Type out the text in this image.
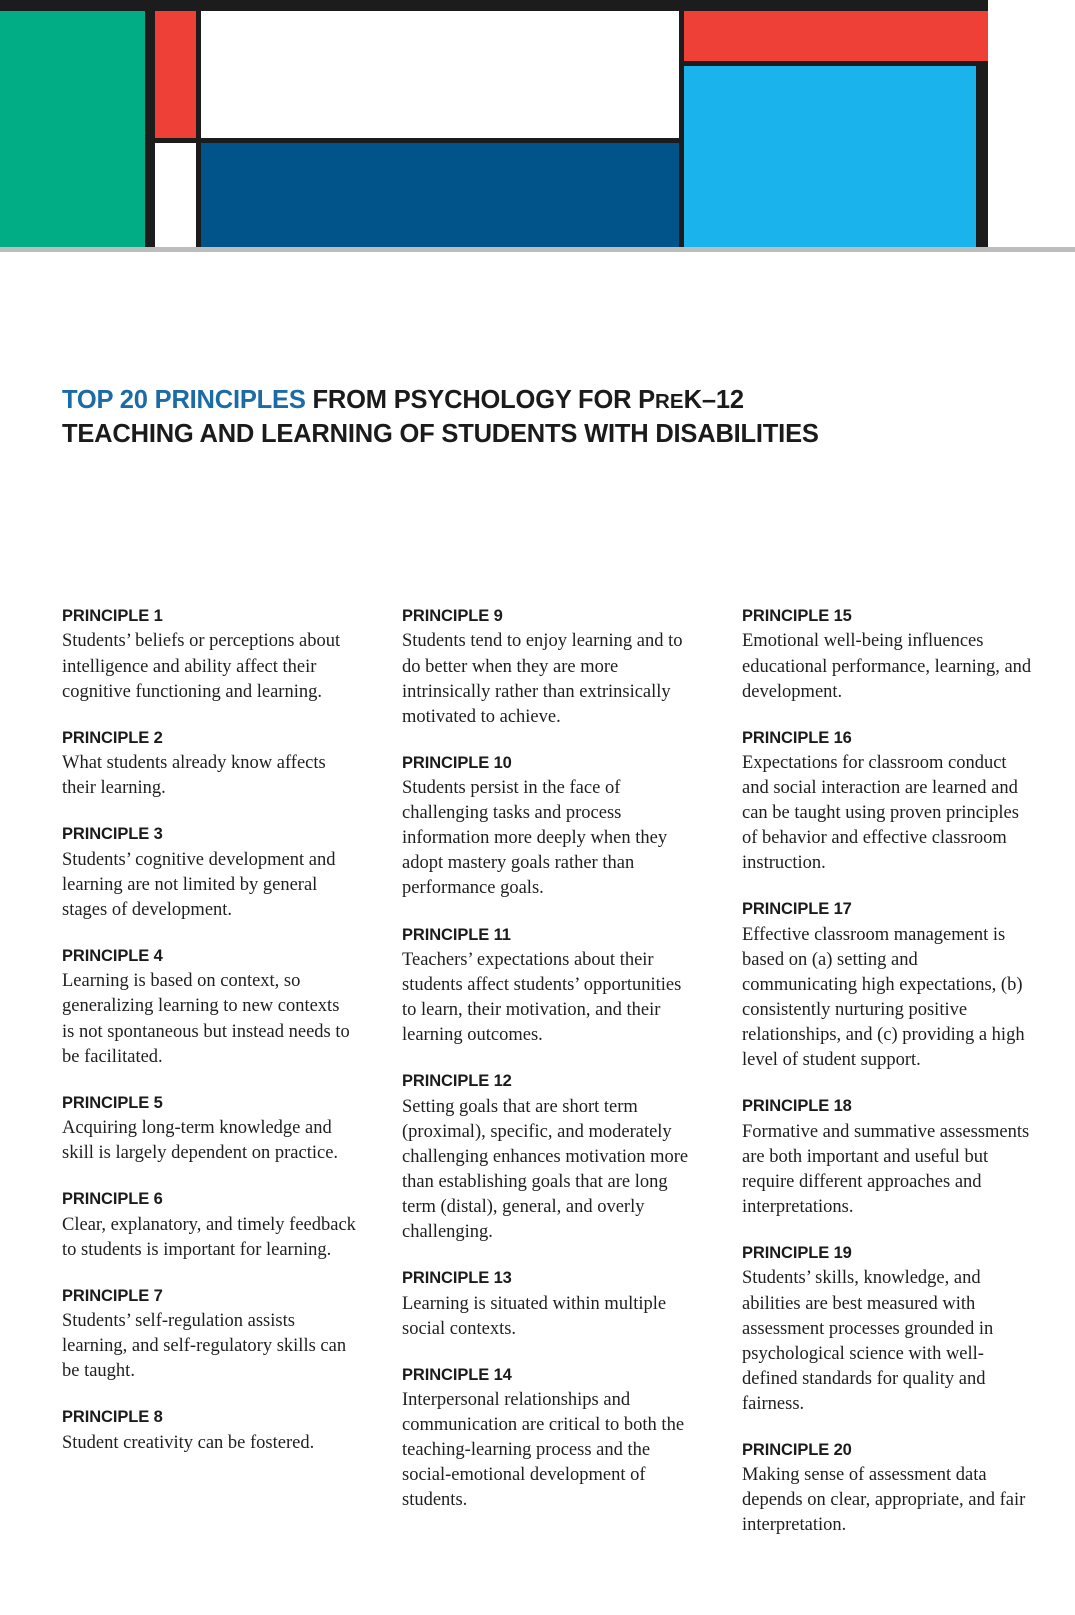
TOP 20 PRINCIPLES FROM PSYCHOLOGY FOR PREK–12
TEACHING AND LEARNING OF STUDENTS WITH DISABILITIES
PRINCIPLE 1

Students’ beliefs or perceptions about intelligence and ability affect their cognitive functioning and learning.

PRINCIPLE 2

What students already know affects their learning.

PRINCIPLE 3

Students’ cognitive development and learning are not limited by general stages of development.

PRINCIPLE 4

Learning is based on context, so generalizing learning to new contexts is not spontaneous but instead needs to be facilitated.

PRINCIPLE 5

Acquiring long-term knowledge and skill is largely dependent on practice.

PRINCIPLE 6

Clear, explanatory, and timely feedback to students is important for learning.

PRINCIPLE 7

Students’ self-regulation assists learning, and self-regulatory skills can be taught.

PRINCIPLE 8

Student creativity can be fostered.

PRINCIPLE 9

Students tend to enjoy learning and to do better when they are more intrinsically rather than extrinsically motivated to achieve.

PRINCIPLE 10

Students persist in the face of challenging tasks and process information more deeply when they adopt mastery goals rather than performance goals.

PRINCIPLE 11

Teachers’ expectations about their students affect students’ opportunities to learn, their motivation, and their learning outcomes.

PRINCIPLE 12

Setting goals that are short term (proximal), specific, and moderately challenging enhances motivation more than establishing goals that are long term (distal), general, and overly challenging.

PRINCIPLE 13

Learning is situated within multiple social contexts.

PRINCIPLE 14

Interpersonal relationships and communication are critical to both the teaching-learning process and the social-emotional development of students.

PRINCIPLE 15

Emotional well-being influences educational performance, learning, and development.

PRINCIPLE 16

Expectations for classroom conduct and social interaction are learned and can be taught using proven principles of behavior and effective classroom instruction.

PRINCIPLE 17

Effective classroom management is based on (a) setting and communicating high expectations, (b) consistently nurturing positive relationships, and (c) providing a high level of student support.

PRINCIPLE 18

Formative and summative assessments are both important and useful but require different approaches and interpretations.

PRINCIPLE 19

Students’ skills, knowledge, and abilities are best measured with assessment processes grounded in psychological science with well-defined standards for quality and fairness.

PRINCIPLE 20

Making sense of assessment data depends on clear, appropriate, and fair interpretation.
